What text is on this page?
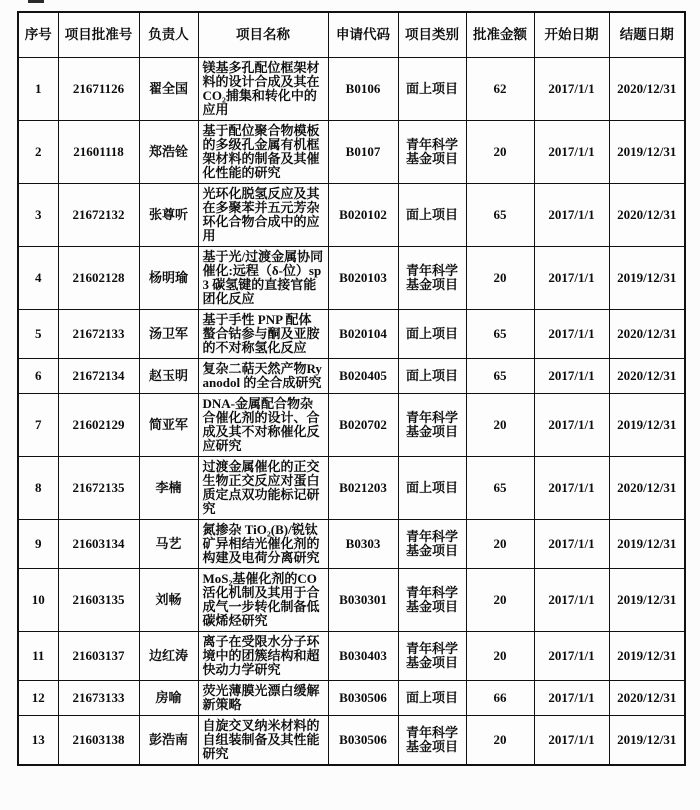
序号	项目批准号	负责人	项目名称	申请代码	项目类别	批准金额	开始日期	结题日期
1	21671126	翟全国	镁基多孔配位框架材料的设计合成及其在CO₂捕集和转化中的应用	B0106	面上项目	62	2017/1/1	2020/12/31
2	21601118	郑浩铨	基于配位聚合物模板的多级孔金属有机框架材料的制备及其催化性能的研究	B0107	青年科学基金项目	20	2017/1/1	2019/12/31
3	21672132	张尊听	光环化脱氢反应及其在多聚苯并五元芳杂环化合物合成中的应用	B020102	面上项目	65	2017/1/1	2020/12/31
4	21602128	杨明瑜	基于光/过渡金属协同催化:远程（δ-位）sp3 碳氢键的直接官能团化反应	B020103	青年科学基金项目	20	2017/1/1	2019/12/31
5	21672133	汤卫军	基于手性 PNP 配体螯合钴参与酮及亚胺的不对称氢化反应	B020104	面上项目	65	2017/1/1	2020/12/31
6	21672134	赵玉明	复杂二萜天然产物Ryanodol 的全合成研究	B020405	面上项目	65	2017/1/1	2020/12/31
7	21602129	简亚军	DNA-金属配合物杂合催化剂的设计、合成及其不对称催化反应研究	B020702	青年科学基金项目	20	2017/1/1	2019/12/31
8	21672135	李楠	过渡金属催化的正交生物正交反应对蛋白质定点双功能标记研究	B021203	面上项目	65	2017/1/1	2020/12/31
9	21603134	马艺	氮掺杂 TiO₂(B)/锐钛矿异相结光催化剂的构建及电荷分离研究	B0303	青年科学基金项目	20	2017/1/1	2019/12/31
10	21603135	刘畅	MoS₂基催化剂的CO 活化机制及其用于合成气一步转化制备低碳烯烃研究	B030301	青年科学基金项目	20	2017/1/1	2019/12/31
11	21603137	边红涛	离子在受限水分子环境中的团簇结构和超快动力学研究	B030403	青年科学基金项目	20	2017/1/1	2019/12/31
12	21673133	房喻	荧光薄膜光漂白缓解新策略	B030506	面上项目	66	2017/1/1	2020/12/31
13	21603138	彭浩南	自旋交叉纳米材料的自组装制备及其性能研究	B030506	青年科学基金项目	20	2017/1/1	2019/12/31
